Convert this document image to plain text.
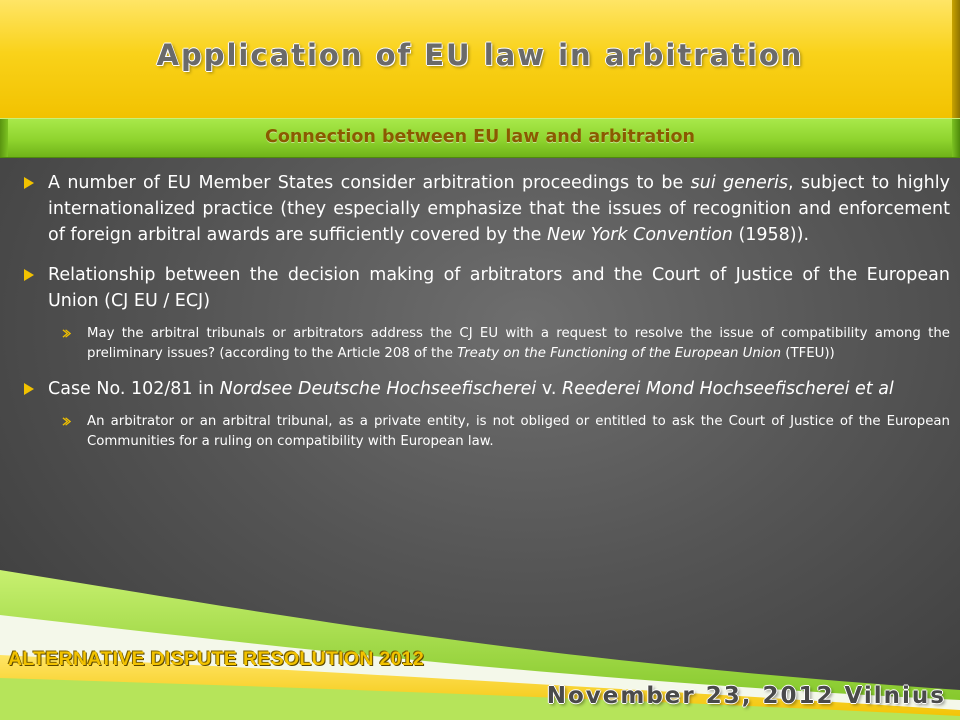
Application of EU law in arbitration
Connection between EU law and arbitration
A number of EU Member States consider arbitration proceedings to be sui generis, subject to highly internationalized practice (they especially emphasize that the issues of recognition and enforcement of foreign arbitral awards are sufficiently covered by the New York Convention (1958)).
Relationship between the decision making of arbitrators and the Court of Justice of the European Union (CJ EU / ECJ)
May the arbitral tribunals or arbitrators address the CJ EU with a request to resolve the issue of compatibility among the preliminary issues? (according to the Article 208 of the Treaty on the Functioning of the European Union (TFEU))
Case No. 102/81 in Nordsee Deutsche Hochseefischerei v. Reederei Mond Hochseefischerei et al
An arbitrator or an arbitral tribunal, as a private entity, is not obliged or entitled to ask the Court of Justice of the European Communities for a ruling on compatibility with European law.
ALTERNATIVE DISPUTE RESOLUTION 2012
November 23, 2012 Vilnius
